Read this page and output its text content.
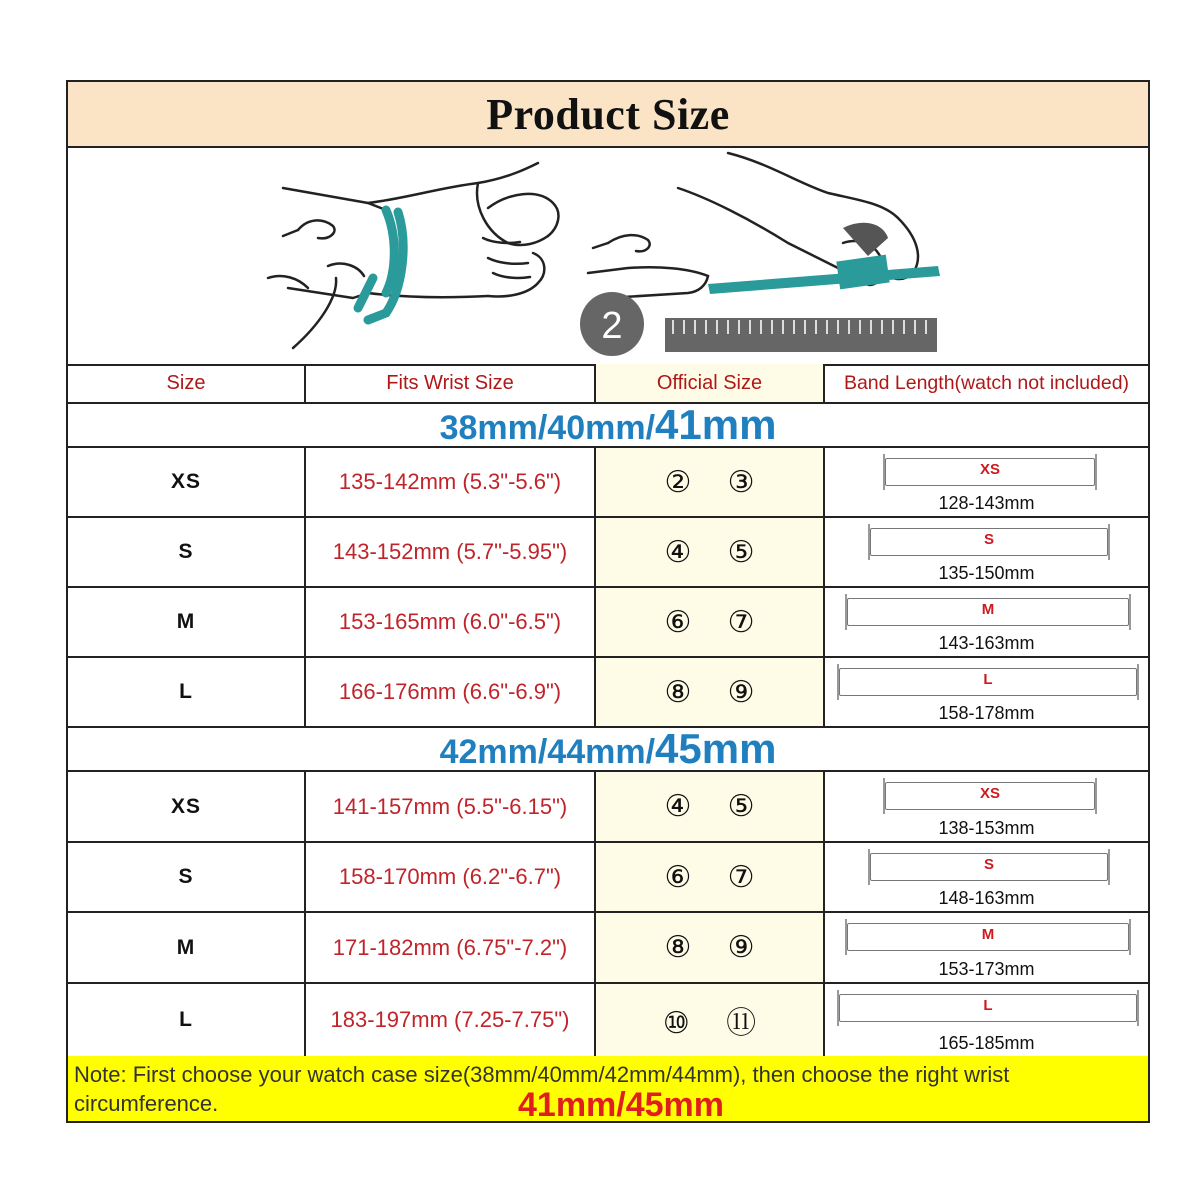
Product Size
2
Size	Fits Wrist Size	Official Size	Band Length(watch not included)
38mm/40mm/41mm
XS	135-142mm (5.3"-5.6")	② ③	XS
128-143mm
S	143-152mm (5.7"-5.95")	④ ⑤	S
135-150mm
M	153-165mm (6.0"-6.5")	⑥ ⑦	M
143-163mm
L	166-176mm (6.6"-6.9")	⑧ ⑨	L
158-178mm
42mm/44mm/45mm
XS	141-157mm (5.5"-6.15")	④ ⑤	XS
138-153mm
S	158-170mm (6.2"-6.7")	⑥ ⑦	S
148-163mm
M	171-182mm (6.75"-7.2")	⑧ ⑨	M
153-173mm
L	183-197mm (7.25-7.75")	⑩ ⑪
L
165-185mm
Note: First choose your watch case size(38mm/40mm/42mm/44mm), then choose the right wrist circumference.	41mm/45mm
